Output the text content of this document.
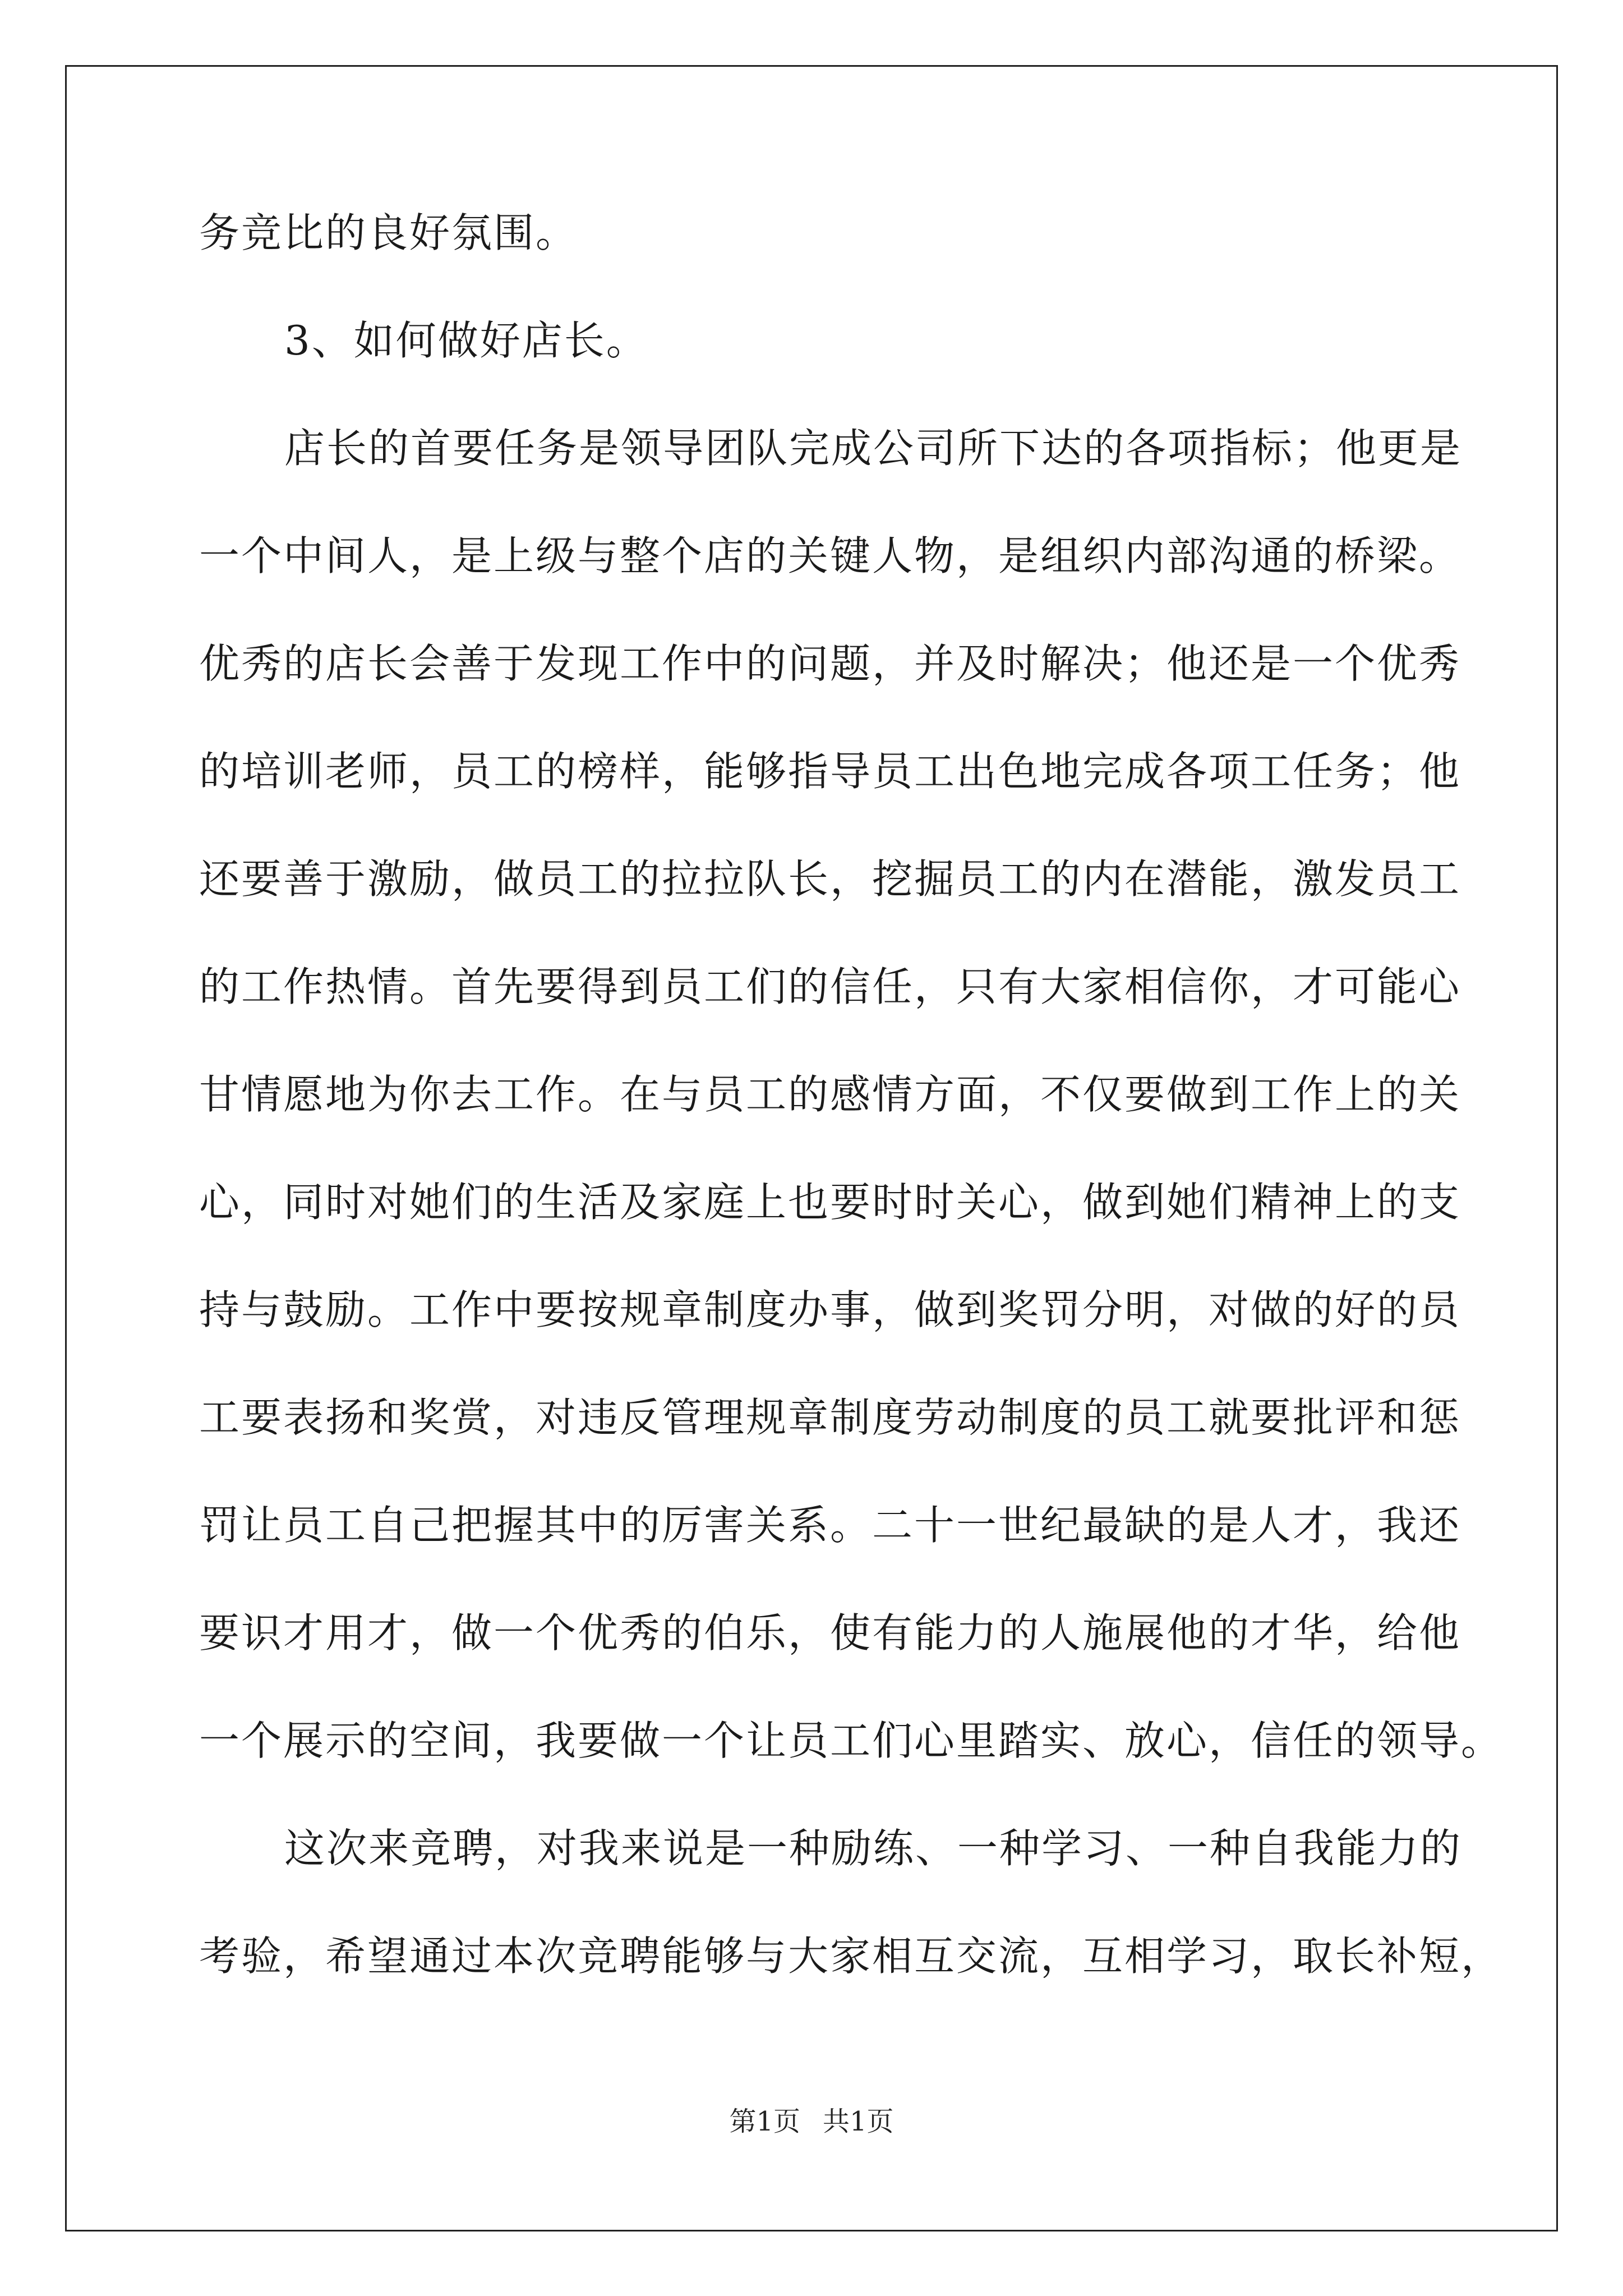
务竞比的良好氛围。
3、如何做好店长。
店长的首要任务是领导团队完成公司所下达的各项指标；他更是
一个中间人，是上级与整个店的关键人物，是组织内部沟通的桥梁。
优秀的店长会善于发现工作中的问题，并及时解决；他还是一个优秀
的培训老师，员工的榜样，能够指导员工出色地完成各项工任务；他
还要善于激励，做员工的拉拉队长，挖掘员工的内在潜能，激发员工
的工作热情。首先要得到员工们的信任，只有大家相信你，才可能心
甘情愿地为你去工作。在与员工的感情方面，不仅要做到工作上的关
心，同时对她们的生活及家庭上也要时时关心，做到她们精神上的支
持与鼓励。工作中要按规章制度办事，做到奖罚分明，对做的好的员
工要表扬和奖赏，对违反管理规章制度劳动制度的员工就要批评和惩
罚让员工自己把握其中的厉害关系。二十一世纪最缺的是人才，我还
要识才用才，做一个优秀的伯乐，使有能力的人施展他的才华，给他
一个展示的空间，我要做一个让员工们心里踏实、放心，信任的领导。
这次来竞聘，对我来说是一种励练、一种学习、一种自我能力的
考验，希望通过本次竞聘能够与大家相互交流，互相学习，取长补短，
第1页 共1页
